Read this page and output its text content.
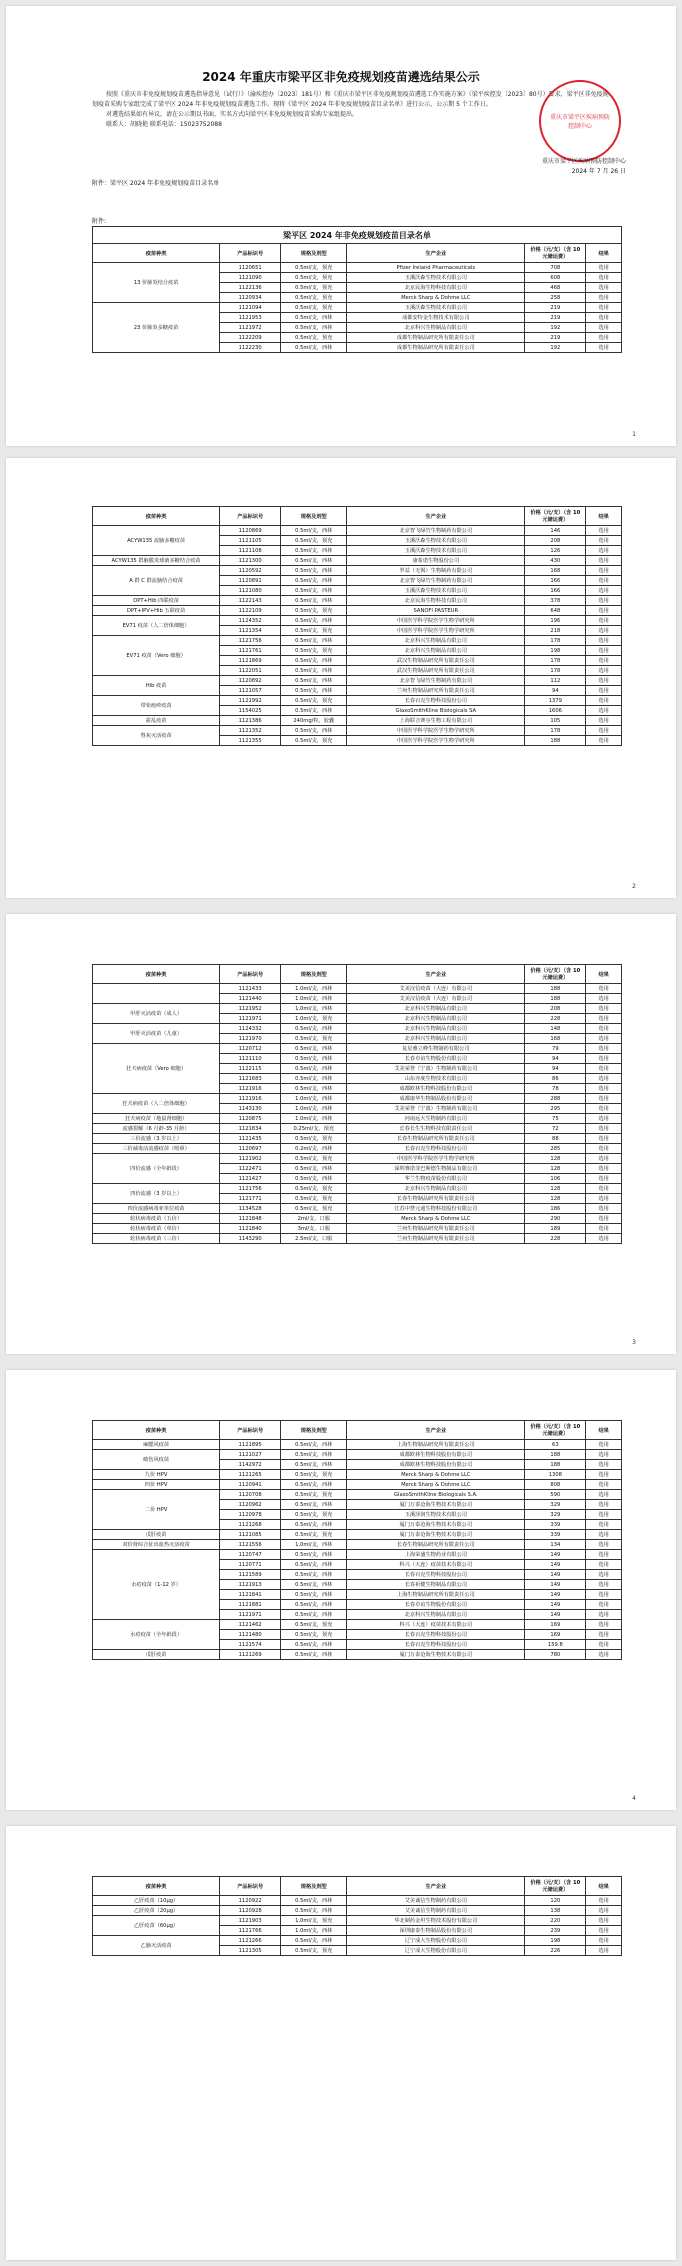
2024 年重庆市梁平区非免疫规划疫苗遴选结果公示

按照《重庆市非免疫规划疫苗遴选指导意见（试行）》（渝疾控办〔2023〕181号）和《重庆市梁平区非免疫规划疫苗遴选工作实施方案》（梁平疾控发〔2023〕80号）要求，梁平区非免疫规划疫苗采购专家组完成了梁平区 2024 年非免疫规划疫苗遴选工作。现将《梁平区 2024 年非免疫规划疫苗目录名单》进行公示，公示期 5 个工作日。

对遴选结果如有异议，请在公示期以书面、实名方式向梁平区非免疫规划疫苗采购专家组提出。

联系人：胡晓艳 联系电话：15023752088

附件：梁平区 2024 年非免疫规划疫苗目录名单
重庆市梁平区疾病预防控制中心
重庆市梁平区疾病预防控制中心
2024 年 7 月 26 日
附件:
梁平区 2024 年非免疫规划疫苗目录名单					
疫苗种类	产品标识号	规格及剂型	生产企业	价格（元/支）（含 10 元储运费）	结果
13 价肺炎结合疫苗	1120651	0.5ml/支，预充	Pfizer Ireland Pharmaceuticals	708	选用
	1121090	0.5ml/支，预充	玉溪沃森生物技术有限公司	608	选用
	1122136	0.5ml/支，预充	北京民海生物科技有限公司	468	选用
	1120934	0.5ml/支，预充	Merck Sharp & Dohme LLC	258	选用
23 价肺炎多糖疫苗	1121094	0.5ml/支，预充	玉溪沃森生物技术有限公司	219	选用
	1121953	0.5ml/支，西林	成都安特金生物技术有限公司	219	选用
	1121972	0.5ml/支，西林	北京科兴生物制品有限公司	192	选用
	1122209	0.5ml/支，预充	成都生物制品研究所有限责任公司	219	选用
	1122230	0.5ml/支，西林	成都生物制品研究所有限责任公司	192	选用
1
疫苗种类	产品标识号	规格及剂型	生产企业	价格（元/支）（含 10 元储运费）	结果
ACYW135 流脑多糖疫苗	1120869	0.5ml/支，西林	北京智飞绿竹生物制药有限公司	146	选用
	1121105	0.5ml/支，预充	玉溪沃森生物技术有限公司	208	选用
	1121108	0.5ml/支，西林	玉溪沃森生物技术有限公司	126	选用
ACYW135 群脑膜炎球菌多糖结合疫苗	1121300	0.5ml/支，西林	康希诺生物股份公司	430	选用
A 群 C 群流脑结合疫苗	1120592	0.5ml/支，西林	罗益（无锡）生物制药有限公司	168	选用
	1120891	0.5ml/支，西林	北京智飞绿竹生物制药有限公司	166	选用
	1121080	0.5ml/支，西林	玉溪沃森生物技术有限公司	166	选用
DPT+Hib 四联疫苗	1122143	0.5ml/支，西林	北京民海生物科技有限公司	378	选用
DPT+IPV+Hib 五联疫苗	1122109	0.5ml/支，预充	SANOFI PASTEUR	648	选用
EV71 疫苗（人二倍体细胞）	1124352	0.5ml/支，西林	中国医学科学院医学生物学研究所	196	选用
	1121354	0.5ml/支，预充	中国医学科学院医学生物学研究所	218	选用
EV71 疫苗（Vero 细胞）	1121756	0.5ml/支，西林	北京科兴生物制品有限公司	178	选用
	1121761	0.5ml/支，预充	北京科兴生物制品有限公司	198	选用
	1121869	0.5ml/支，西林	武汉生物制品研究所有限责任公司	178	选用
	1122051	0.5ml/支，西林	武汉生物制品研究所有限责任公司	178	选用
Hib 疫苗	1120892	0.5ml/支，西林	北京智飞绿竹生物制药有限公司	112	选用
	1121057	0.5ml/支，西林	兰州生物制品研究所有限责任公司	94	选用
带状疱疹疫苗	1121992	0.5ml/支，预充	长春百克生物科技股份公司	1379	选用
	1154025	0.5ml/支，西林	GlaxoSmithKline Biologicals SA	1606	选用
霍乱疫苗	1121386	240mg/粒，胶囊	上海联合赛尔生物工程有限公司	105	选用
脊灰灭活疫苗	1121352	0.5ml/支，西林	中国医学科学院医学生物学研究所	178	选用
	1121355	0.5ml/支，预充	中国医学科学院医学生物学研究所	188	选用
2
疫苗种类	产品标识号	规格及剂型	生产企业	价格（元/支）（含 10 元储运费）	结果
	1121433	1.0ml/支，西林	艾美汉信疫苗（大连）有限公司	188	选用
	1121440	1.0ml/支，西林	艾美汉信疫苗（大连）有限公司	188	选用
甲肝灭活疫苗（成人）	1121952	1.0ml/支，西林	北京科兴生物制品有限公司	208	选用
	1121971	1.0ml/支，预充	北京科兴生物制品有限公司	228	选用
甲肝灭活疫苗（儿童）	1124332	0.5ml/支，西林	北京科兴生物制品有限公司	148	选用
	1121970	0.5ml/支，预充	北京科兴生物制品有限公司	168	选用
狂犬病疫苗（Vero 细胞）	1120712	0.5ml/支，西林	复星雅立峰生物制药有限公司	79	选用
	1121110	0.5ml/支，西林	长春卓谊生物股份有限公司	94	选用
	1122115	0.5ml/支，西林	艾美荣誉（宁波）生物制药有限公司	94	选用
	1121683	0.5ml/支，西林	山东亦度生物技术有限公司	86	选用
	1121916	0.5ml/支，西林	成都欧林生物科技股份有限公司	78	选用
狂犬病疫苗（人二倍体细胞）	1121916	1.0ml/支，西林	成都康华生物制品股份有限公司	288	选用
	1143130	1.0ml/支，西林	艾美荣誉（宁波）生物制药有限公司	295	选用
狂犬病疫苗（地鼠肾细胞）	1120875	1.0ml/支，西林	河南远大生物制药有限公司	75	选用
流感裂解（6 月龄-35 月龄）	1121834	0.25ml/支，预充	长春长生生物科技有限责任公司	72	选用
三价流感（3 岁以上）	1121435	0.5ml/支，预充	长春生物制品研究所有限责任公司	88	选用
三价减毒活流感疫苗（喷鼻）	1120697	0.2ml/支，西林	长春百克生物科技股份公司	285	选用
四价流感（全年龄段）	1121902	0.5ml/支，预充	中国医学科学院医学生物学研究所	128	选用
	1122471	0.5ml/支，西林	深圳赛诺菲巴斯德生物制品有限公司	128	选用
	1121427	0.5ml/支，西林	华兰生物疫苗股份有限公司	106	选用
四价流感（3 岁以上）	1121756	0.5ml/支，预充	北京科兴生物制品有限公司	128	选用
	1121771	0.5ml/支，预充	长春生物制品研究所有限责任公司	128	选用
四价流感病毒亚单位疫苗	1134528	0.5ml/支，预充	江苏中慧元通生物科技股份有限公司	186	选用
轮状病毒疫苗（五价）	1121848	2ml/支，口服	Merck Sharp & Dohme LLC	290	选用
轮状病毒疫苗（单价）	1121840	3ml/支，口服	兰州生物制品研究所有限责任公司	189	选用
轮状病毒疫苗（三价）	1143290	2.5ml/支，口服	兰州生物制品研究所有限责任公司	228	选用
3
疫苗种类	产品标识号	规格及剂型	生产企业	价格（元/支）（含 10 元储运费）	结果
麻腮风疫苗	1121895	0.5ml/支，西林	上海生物制品研究所有限责任公司	63	选用
破伤风疫苗	1121027	0.5ml/支，西林	成都欧林生物科技股份有限公司	188	选用
	1142972	0.5ml/支，西林	成都欧林生物科技股份有限公司	188	选用
九价 HPV	1121265	0.5ml/支，预充	Merck Sharp & Dohme LLC	1308	选用
四价 HPV	1120941	0.5ml/支，西林	Merck Sharp & Dohme LLC	808	选用
二价 HPV	1120708	0.5ml/支，预充	GlaxoSmithKline Biologicals S.A.	590	选用
	1120962	0.5ml/支，西林	厦门万泰沧海生物技术有限公司	329	选用
	1120978	0.5ml/支，预充	玉溪泽润生物技术有限公司	329	选用
	1121268	0.5ml/支，西林	厦门万泰沧海生物技术有限公司	339	选用
戊肝疫苗	1121085	0.5ml/支，预充	厦门万泰沧海生物技术有限公司	339	选用
双价肾综合征出血热灭活疫苗	1121556	1.0ml/支，西林	长春生物制品研究所有限责任公司	134	选用
水痘疫苗（1-12 岁）	1120747	0.5ml/支，西林	上海荣盛生物药业有限公司	149	选用
	1120771	0.5ml/支，西林	科兴（大连）疫苗技术有限公司	149	选用
	1121589	0.5ml/支，西林	长春百克生物科技股份公司	149	选用
	1121913	0.5ml/支，西林	长春祈健生物制品有限公司	149	选用
	1121841	0.5ml/支，西林	上海生物制品研究所有限责任公司	149	选用
	1121881	0.5ml/支，西林	长春卓谊生物股份有限公司	149	选用
	1121971	0.5ml/支，西林	北京科兴生物制品有限公司	149	选用
水痘疫苗（全年龄段）	1121462	0.5ml/支，预充	科兴（大连）疫苗技术有限公司	169	选用
	1121480	0.5ml/支，预充	长春百克生物科技股份公司	169	选用
	1121574	0.5ml/支，西林	长春百克生物科技股份公司	159.8	选用
戊肝疫苗	1121269	0.5ml/支，西林	厦门万泰沧海生物技术有限公司	780	选用
4
疫苗种类	产品标识号	规格及剂型	生产企业	价格（元/支）（含 10 元储运费）	结果
乙肝疫苗（10μg）	1120922	0.5ml/支，西林	艾美诚信生物制药有限公司	120	选用
乙肝疫苗（20μg）	1120928	0.5ml/支，西林	艾美诚信生物制药有限公司	138	选用
乙肝疫苗（60μg）	1121903	1.0ml/支，预充	华北制药金坦生物技术股份有限公司	220	选用
	1121766	1.0ml/支，西林	深圳康泰生物制品股份有限公司	239	选用
乙脑灭活疫苗	1121266	0.5ml/支，西林	辽宁成大生物股份有限公司	198	选用
	1121305	0.5ml/支，预充	辽宁成大生物股份有限公司	226	选用
